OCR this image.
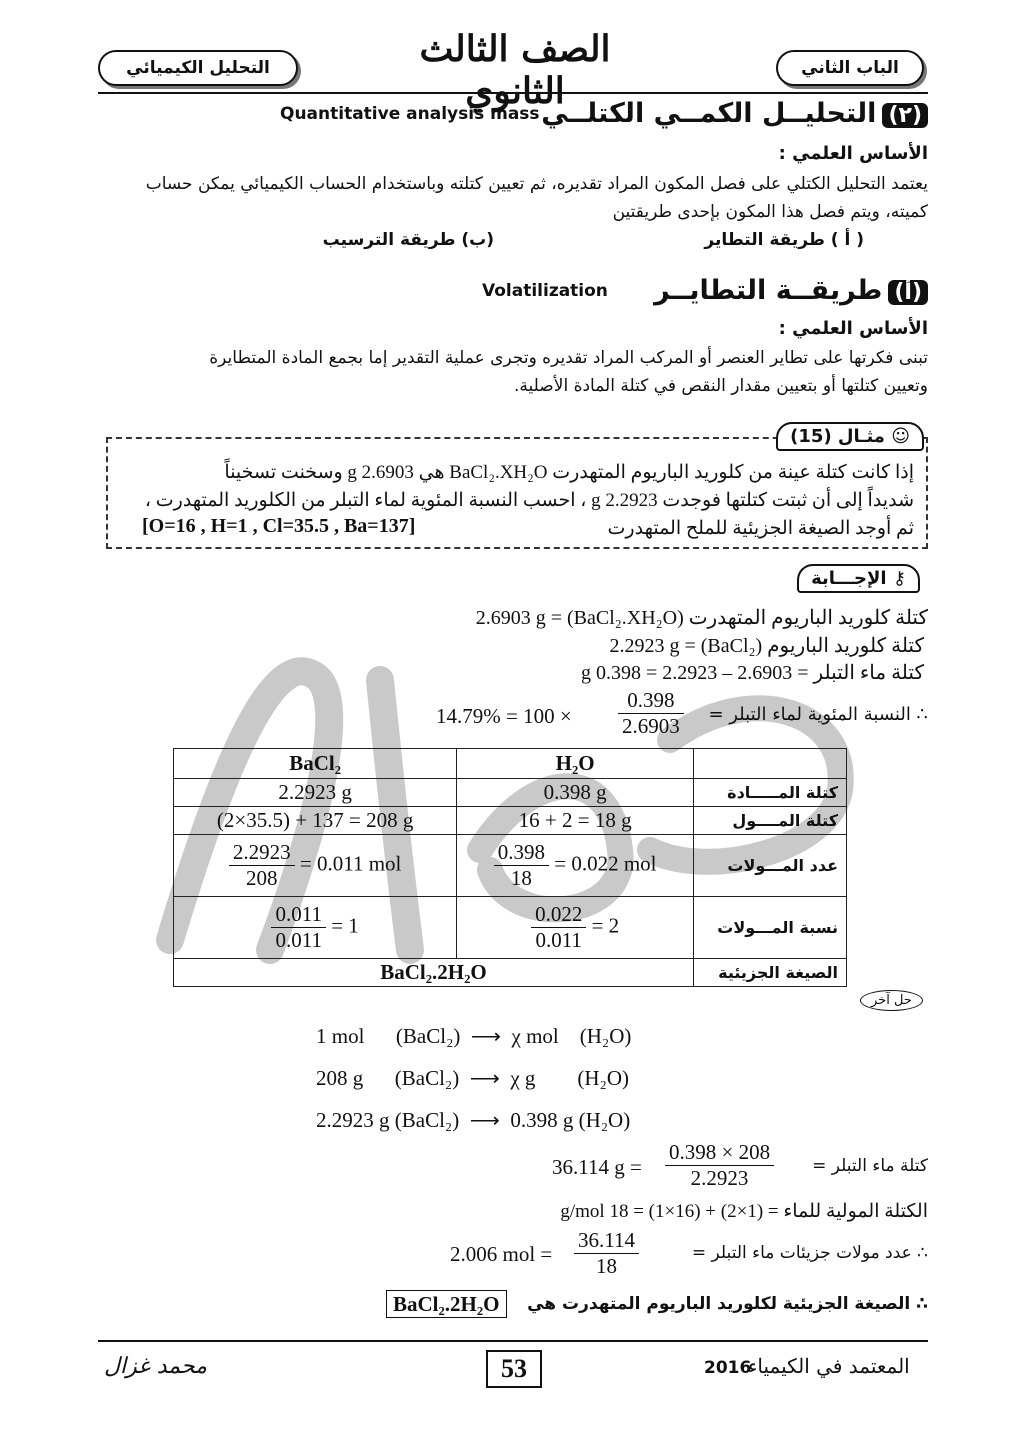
الباب الثاني
التحليل الكيميائي	الصف الثالث الثانوي
(٢)التحليــل الكمــي الكتلــي
Quantitative analysis mass
الأساس العلمي :
يعتمد التحليل الكتلي على فصل المكون المراد تقديره، ثم تعيين كتلته وباستخدام الحساب الكيميائي يمكن حساب
كميته، ويتم فصل هذا المكون بإحدى طريقتين
( أ ) طريقة التطاير
(ب) طريقة الترسيب
(أ)طريقــة التطايــر
Volatilization
الأساس العلمي :
تبنى فكرتها على تطاير العنصر أو المركب المراد تقديره وتجرى عملية التقدير إما بجمع المادة المتطايرة
وتعيين كتلتها أو بتعيين مقدار النقص في كتلة المادة الأصلية.
☺ مثـال (15)
إذا كانت كتلة عينة من كلوريد الباريوم المتهدرت BaCl₂.XH₂O هي 2.6903 g وسخنت تسخيناً
شديداً إلى أن ثبتت كتلتها فوجدت 2.2923 g ، احسب النسبة المئوية لماء التبلر من الكلوريد المتهدرت ،
ثم أوجد الصيغة الجزيئية للملح المتهدرت
[O=16 , H=1 , Cl=35.5 , Ba=137]
⚷ الإجـــابة
كتلة كلوريد الباريوم المتهدرت (BaCl₂.XH₂O) = 2.6903 g
كتلة كلوريد الباريوم (BaCl₂) = 2.2923 g
كتلة ماء التبلر = 2.6903 – 2.2923 = 0.398 g
∴ النسبة المئوية لماء التبلر =
$\frac{0.398}{2.6903}$
14.79% = 100 ×
BaCl₂	H₂O	
2.2923 g	0.398 g	كتلة المـــــادة
(2×35.5) + 137 = 208 g	16 + 2 = 18 g	كتلة المــــول

$\frac{2.2923}{208} = 0.011$ mol	$\frac{0.398}{18} = 0.022$ mol	عدد المـــولات

$\frac{0.011}{0.011} = 1$	$\frac{0.022}{0.011} = 2$	نسبة المـــولات
BaCl₂.2H₂O		الصيغة الجزيئية
حل آخر
1 mol      (BaCl₂)  ⟶  χ mol    (H₂O)
208 g      (BaCl₂)  ⟶  χ g        (H₂O)
2.2923 g (BaCl₂)  ⟶  0.398 g (H₂O)
كتلة ماء التبلر =
$\frac{0.398 \times 208}{2.2923}$
36.114 g =
الكتلة المولية للماء = (1×2) + (16×1) = 18 g/mol
∴ عدد مولات جزيئات ماء التبلر =
$\frac{36.114}{18}$
2.006 mol =
∴ الصيغة الجزيئية لكلوريد الباريوم المتهدرت هي
BaCl₂.2H₂O
53	2016
المعتمد في الكيمياء
محمد غزال
